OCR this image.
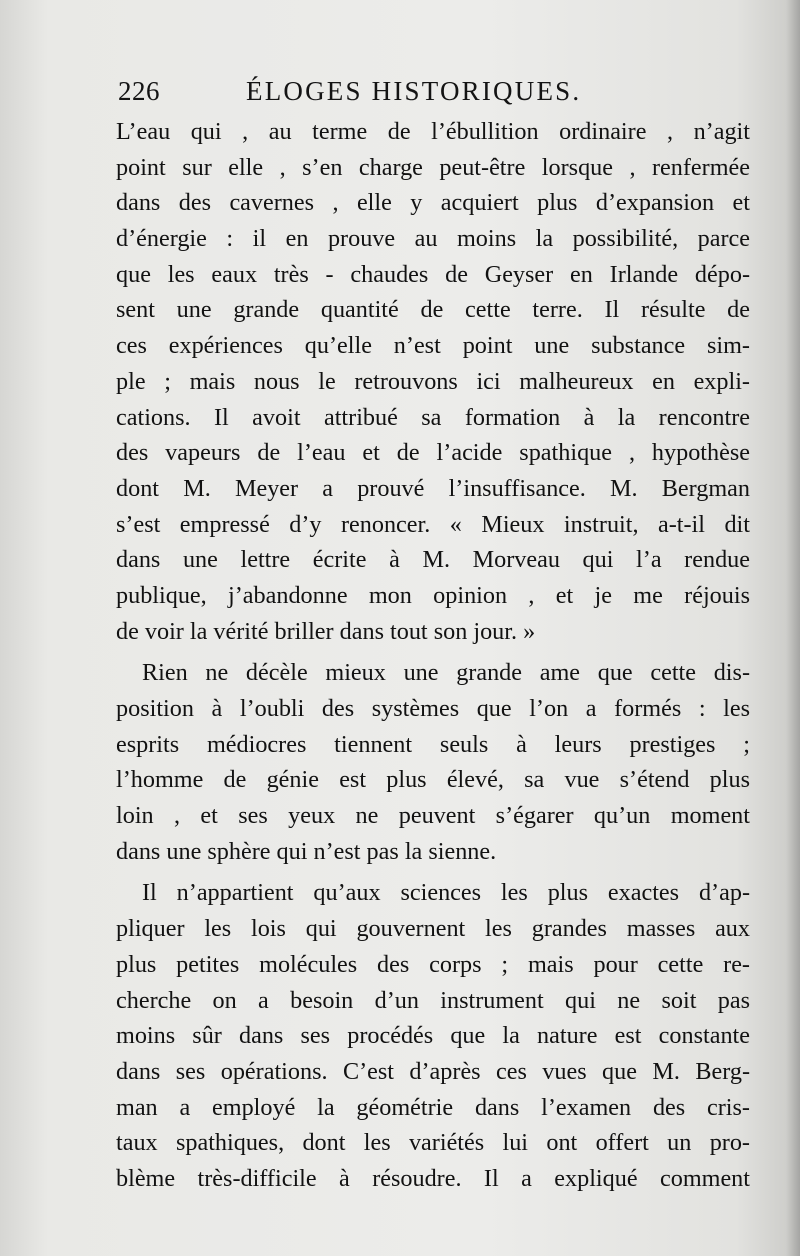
226	ÉLOGES HISTORIQUES.
L’eau qui , au terme de l’ébullition ordinaire , n’agit
point sur elle , s’en charge peut-être lorsque , renfermée
dans des cavernes , elle y acquiert plus d’expansion et
d’énergie : il en prouve au moins la possibilité, parce
que les eaux très - chaudes de Geyser en Irlande dépo-
sent une grande quantité de cette terre. Il résulte de
ces expériences qu’elle n’est point une substance sim-
ple ; mais nous le retrouvons ici malheureux en expli-
cations. Il avoit attribué sa formation à la rencontre
des vapeurs de l’eau et de l’acide spathique , hypothèse
dont M. Meyer a prouvé l’insuffisance. M. Bergman
s’est empressé d’y renoncer. « Mieux instruit, a-t-il dit
dans une lettre écrite à M. Morveau qui l’a rendue
publique, j’abandonne mon opinion , et je me réjouis
de voir la vérité briller dans tout son jour. »
Rien ne décèle mieux une grande ame que cette dis-
position à l’oubli des systèmes que l’on a formés : les
esprits médiocres tiennent seuls à leurs prestiges ;
l’homme de génie est plus élevé, sa vue s’étend plus
loin , et ses yeux ne peuvent s’égarer qu’un moment
dans une sphère qui n’est pas la sienne.
Il n’appartient qu’aux sciences les plus exactes d’ap-
pliquer les lois qui gouvernent les grandes masses aux
plus petites molécules des corps ; mais pour cette re-
cherche on a besoin d’un instrument qui ne soit pas
moins sûr dans ses procédés que la nature est constante
dans ses opérations. C’est d’après ces vues que M. Berg-
man a employé la géométrie dans l’examen des cris-
taux spathiques, dont les variétés lui ont offert un pro-
blème très-difficile à résoudre. Il a expliqué comment
